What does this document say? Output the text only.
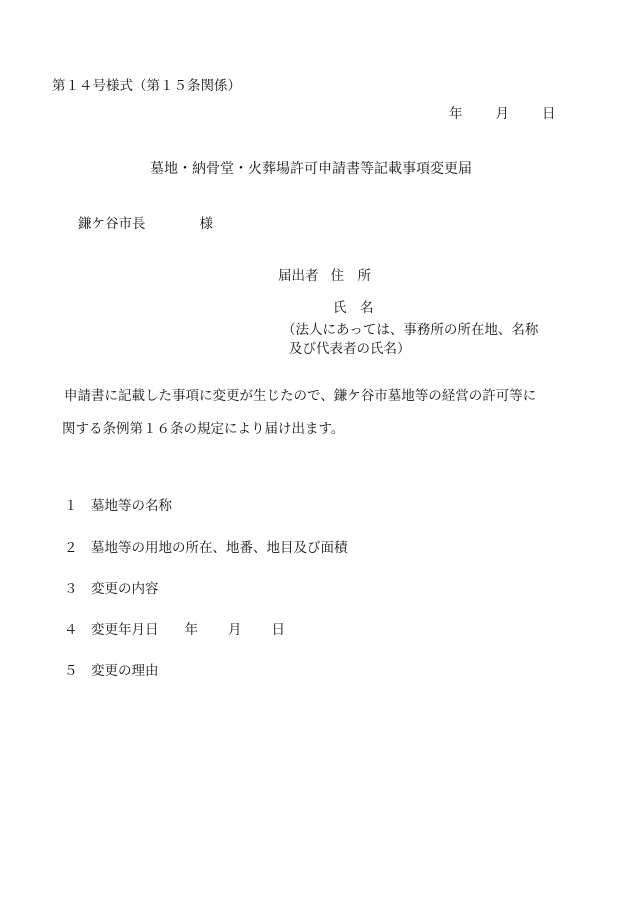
第１４号様式（第１５条関係）
年 月 日
墓地・納骨堂・火葬場許可申請書等記載事項変更届
鎌ケ谷市長	様
届出者 住　所
氏　名
（法人にあっては、事務所の所在地、名称
及び代表者の氏名）
申請書に記載した事項に変更が生じたので、鎌ケ谷市墓地等の経営の許可等に
関する条例第１６条の規定により届け出ます。
１ 墓地等の名称
２ 墓地等の用地の所在、地番、地目及び面積
３ 変更の内容
４ 変更年月日 年 月 日
５ 変更の理由
